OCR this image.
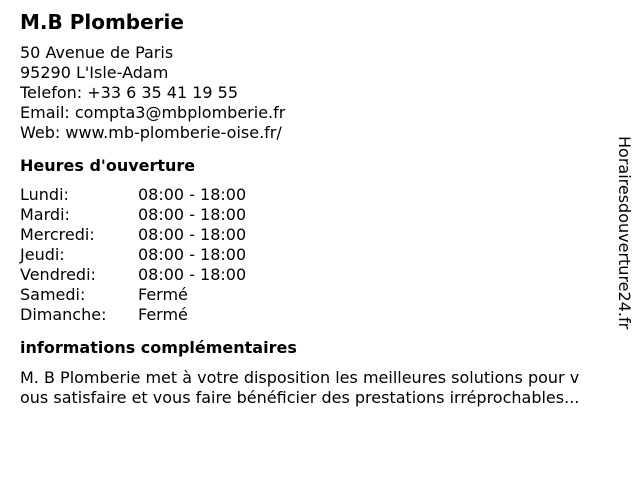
M.B Plomberie
50 Avenue de Paris
95290 L'Isle-Adam
Telefon: +33 6 35 41 19 55
Email: compta3@mbplomberie.fr
Web: www.mb-plomberie-oise.fr/
Heures d'ouverture
Lundi:	08:00 - 18:00
Mardi:	08:00 - 18:00
Mercredi:	08:00 - 18:00
Jeudi:	08:00 - 18:00
Vendredi:	08:00 - 18:00
Samedi:	Fermé
Dimanche:	Fermé
informations complémentaires
M. B Plomberie met à votre disposition les meilleures solutions pour v
ous satisfaire et vous faire bénéficier des prestations irréprochables...
Horairesdouverture24.fr
